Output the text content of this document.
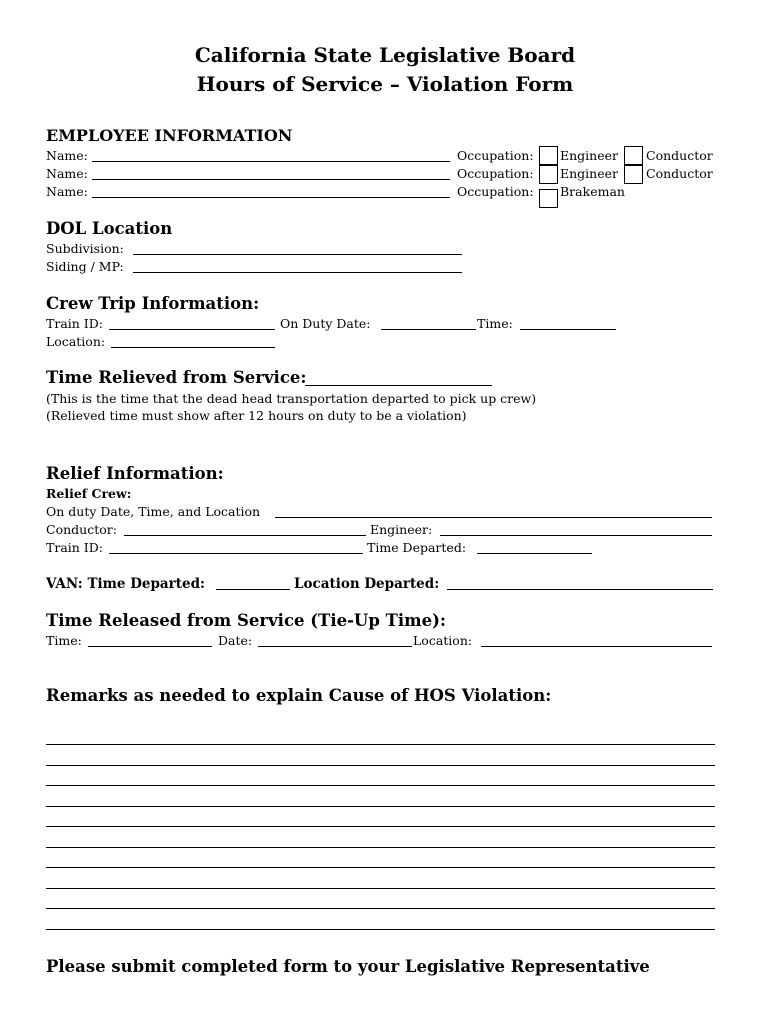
California State Legislative Board
Hours of Service – Violation Form
EMPLOYEE INFORMATION
Name:	Occupation: Engineer Conductor
Name:	Occupation: Engineer Conductor
Name:	Occupation: Brakeman
DOL Location
Subdivision:
Siding / MP:
Crew Trip Information:
Train ID:	On Duty Date:	Time:
Location:
Time Relieved from Service:
(This is the time that the dead head transportation departed to pick up crew)
(Relieved time must show after 12 hours on duty to be a violation)
Relief Information:
Relief Crew:
On duty Date, Time, and Location
Conductor:	Engineer:
Train ID:	Time Departed:
VAN: Time Departed:	Location Departed:
Time Released from Service (Tie-Up Time):
Time:	Date:	Location:
Remarks as needed to explain Cause of HOS Violation:
Please submit completed form to your Legislative Representative
